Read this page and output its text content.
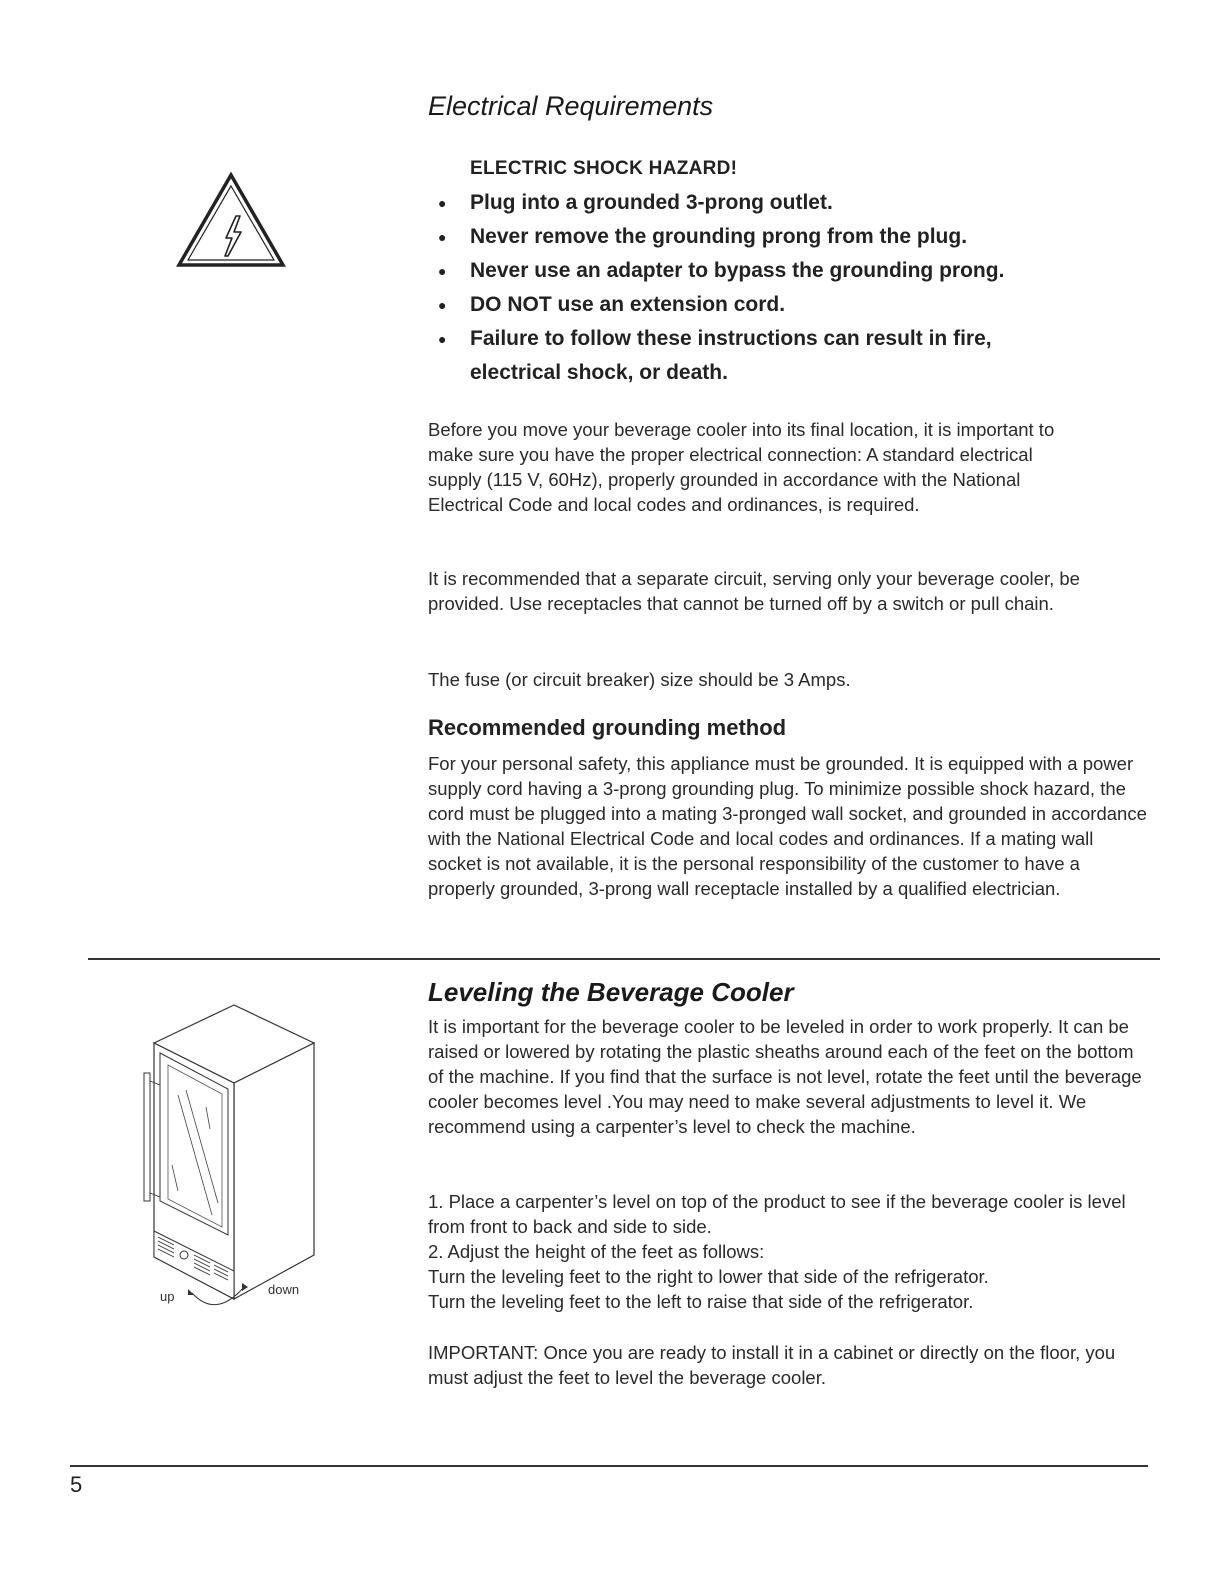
Electrical Requirements
ELECTRIC SHOCK HAZARD!
● Plug into a grounded 3-prong outlet.
● Never remove the grounding prong from the plug.
● Never use an adapter to bypass the grounding prong.
● DO NOT use an extension cord.
● Failure to follow these instructions can result in fire, electrical shock, or death.

Before you move your beverage cooler into its final location, it is important to make sure you have the proper electrical connection: A standard electrical supply (115 V, 60Hz), properly grounded in accordance with the National Electrical Code and local codes and ordinances, is required.

It is recommended that a separate circuit, serving only your beverage cooler, be provided. Use receptacles that cannot be turned off by a switch or pull chain.

The fuse (or circuit breaker) size should be 3 Amps.

Recommended grounding method

For your personal safety, this appliance must be grounded. It is equipped with a power supply cord having a 3-prong grounding plug. To minimize possible shock hazard, the cord must be plugged into a mating 3-pronged wall socket, and grounded in accordance with the National Electrical Code and local codes and ordinances. If a mating wall socket is not available, it is the personal responsibility of the customer to have a properly grounded, 3-prong wall receptacle installed by a qualified electrician.

Leveling the Beverage Cooler

It is important for the beverage cooler to be leveled in order to work properly. It can be raised or lowered by rotating the plastic sheaths around each of the feet on the bottom of the machine. If you find that the surface is not level, rotate the feet until the beverage cooler becomes level .You may need to make several adjustments to level it. We recommend using a carpenter’s level to check the machine.

1. Place a carpenter’s level on top of the product to see if the beverage cooler is level from front to back and side to side.

2. Adjust the height of the feet as follows:

Turn the leveling feet to the right to lower that side of the refrigerator.

Turn the leveling feet to the left to raise that side of the refrigerator.

IMPORTANT: Once you are ready to install it in a cabinet or directly on the floor, you must adjust the feet to level the beverage cooler.

up	down
5
